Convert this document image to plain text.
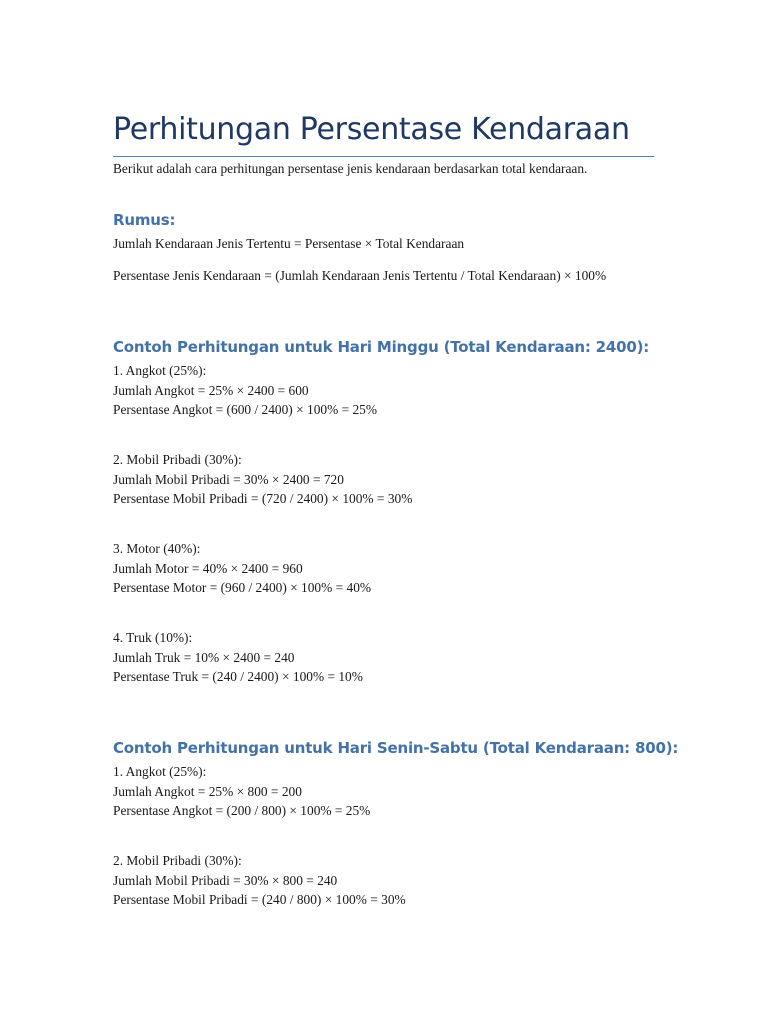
Perhitungan Persentase Kendaraan

Berikut adalah cara perhitungan persentase jenis kendaraan berdasarkan total kendaraan.

Rumus:

Jumlah Kendaraan Jenis Tertentu = Persentase × Total Kendaraan

Persentase Jenis Kendaraan = (Jumlah Kendaraan Jenis Tertentu / Total Kendaraan) × 100%

Contoh Perhitungan untuk Hari Minggu (Total Kendaraan: 2400):
1. Angkot (25%):
Jumlah Angkot = 25% × 2400 = 600
Persentase Angkot = (600 / 2400) × 100% = 25%
2. Mobil Pribadi (30%):
Jumlah Mobil Pribadi = 30% × 2400 = 720
Persentase Mobil Pribadi = (720 / 2400) × 100% = 30%
3. Motor (40%):
Jumlah Motor = 40% × 2400 = 960
Persentase Motor = (960 / 2400) × 100% = 40%
4. Truk (10%):
Jumlah Truk = 10% × 2400 = 240
Persentase Truk = (240 / 2400) × 100% = 10%
Contoh Perhitungan untuk Hari Senin-Sabtu (Total Kendaraan: 800):
1. Angkot (25%):
Jumlah Angkot = 25% × 800 = 200
Persentase Angkot = (200 / 800) × 100% = 25%
2. Mobil Pribadi (30%):
Jumlah Mobil Pribadi = 30% × 800 = 240
Persentase Mobil Pribadi = (240 / 800) × 100% = 30%
